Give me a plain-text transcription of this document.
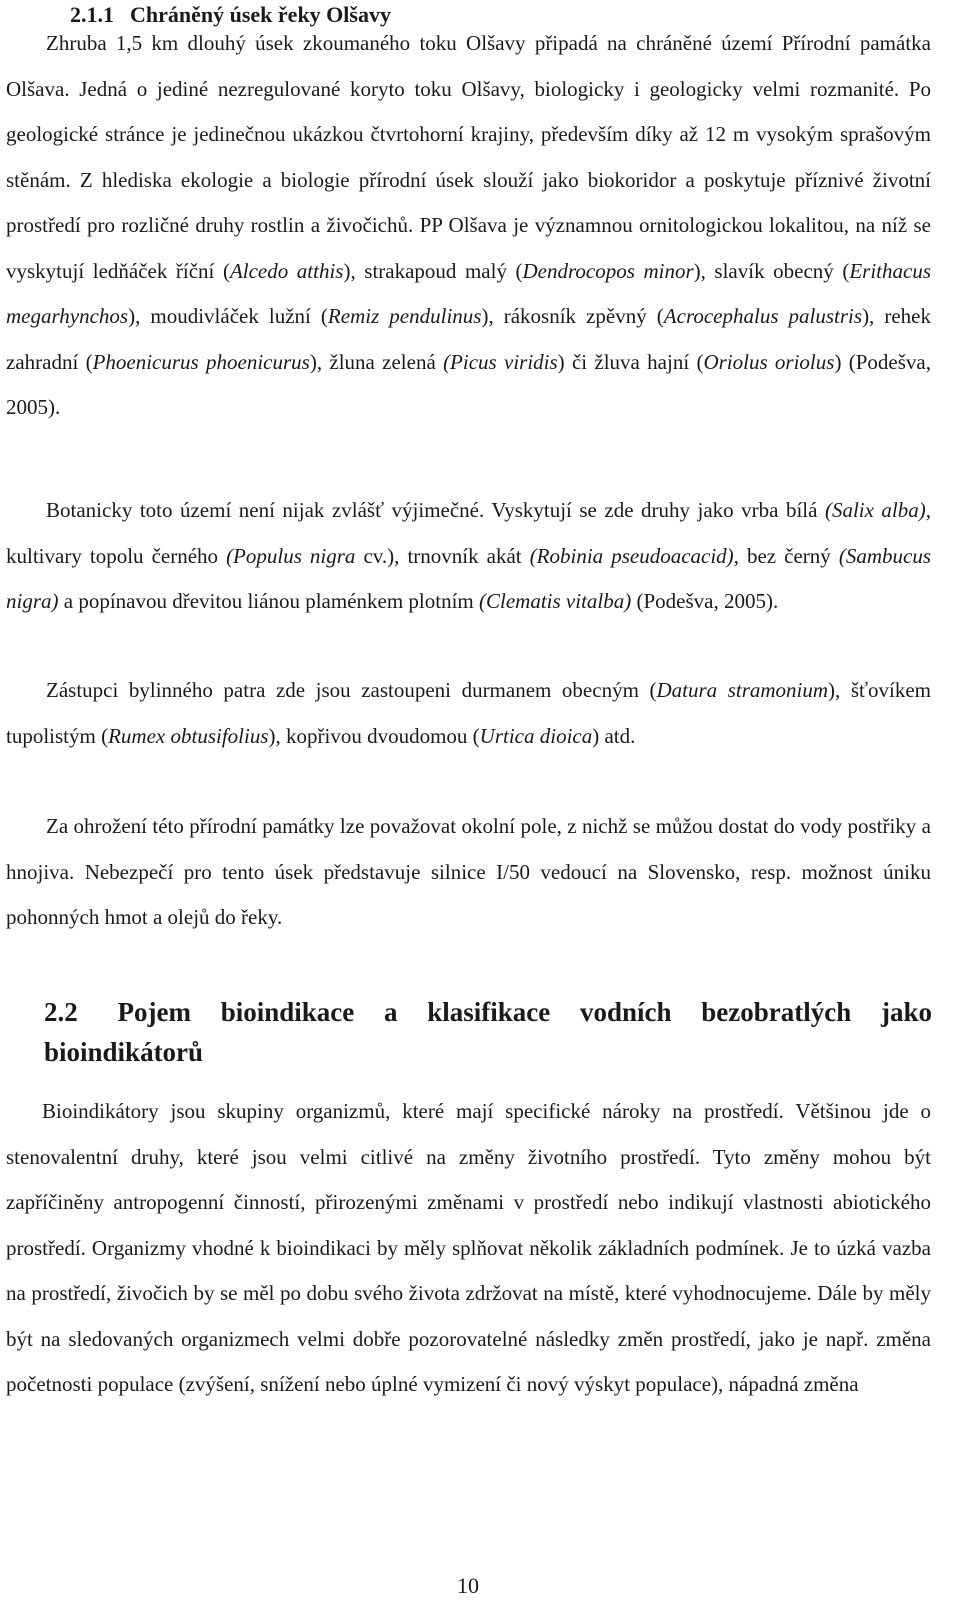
2.1.1 Chráněný úsek řeky Olšavy

Zhruba 1,5 km dlouhý úsek zkoumaného toku Olšavy připadá na chráněné území Přírodní památka Olšava. Jedná o jediné nezregulované koryto toku Olšavy, biologicky i geologicky velmi rozmanité. Po geologické stránce je jedinečnou ukázkou čtvrtohorní krajiny, především díky až 12 m vysokým sprašovým stěnám. Z hlediska ekologie a biologie přírodní úsek slouží jako biokoridor a poskytuje příznivé životní prostředí pro rozličné druhy rostlin a živočichů. PP Olšava je významnou ornitologickou lokalitou, na níž se vyskytují ledňáček říční (Alcedo atthis), strakapoud malý (Dendrocopos minor), slavík obecný (Erithacus megarhynchos), moudivláček lužní (Remiz pendulinus), rákosník zpěvný (Acrocephalus palustris), rehek zahradní (Phoenicurus phoenicurus), žluna zelená (Picus viridis) či žluva hajní (Oriolus oriolus) (Podešva, 2005).

Botanicky toto území není nijak zvlášť výjimečné. Vyskytují se zde druhy jako vrba bílá (Salix alba), kultivary topolu černého (Populus nigra cv.), trnovník akát (Robinia pseudoacacid), bez černý (Sambucus nigra) a popínavou dřevitou liánou plaménkem plotním (Clematis vitalba) (Podešva, 2005).

Zástupci bylinného patra zde jsou zastoupeni durmanem obecným (Datura stramonium), šťovíkem tupolistým (Rumex obtusifolius), kopřivou dvoudomou (Urtica dioica) atd.

Za ohrožení této přírodní památky lze považovat okolní pole, z nichž se můžou dostat do vody postřiky a hnojiva. Nebezpečí pro tento úsek představuje silnice I/50 vedoucí na Slovensko, resp. možnost úniku pohonných hmot a olejů do řeky.

2.2 Pojem bioindikace a klasifikace vodních bezobratlých jako bioindikátorů

Bioindikátory jsou skupiny organizmů, které mají specifické nároky na prostředí. Většinou jde o stenovalentní druhy, které jsou velmi citlivé na změny životního prostředí. Tyto změny mohou být zapříčiněny antropogenní činností, přirozenými změnami v prostředí nebo indikují vlastnosti abiotického prostředí. Organizmy vhodné k bioindikaci by měly splňovat několik základních podmínek. Je to úzká vazba na prostředí, živočich by se měl po dobu svého života zdržovat na místě, které vyhodnocujeme. Dále by měly být na sledovaných organizmech velmi dobře pozorovatelné následky změn prostředí, jako je např. změna početnosti populace (zvýšení, snížení nebo úplné vymizení či nový výskyt populace), nápadná změna

10
